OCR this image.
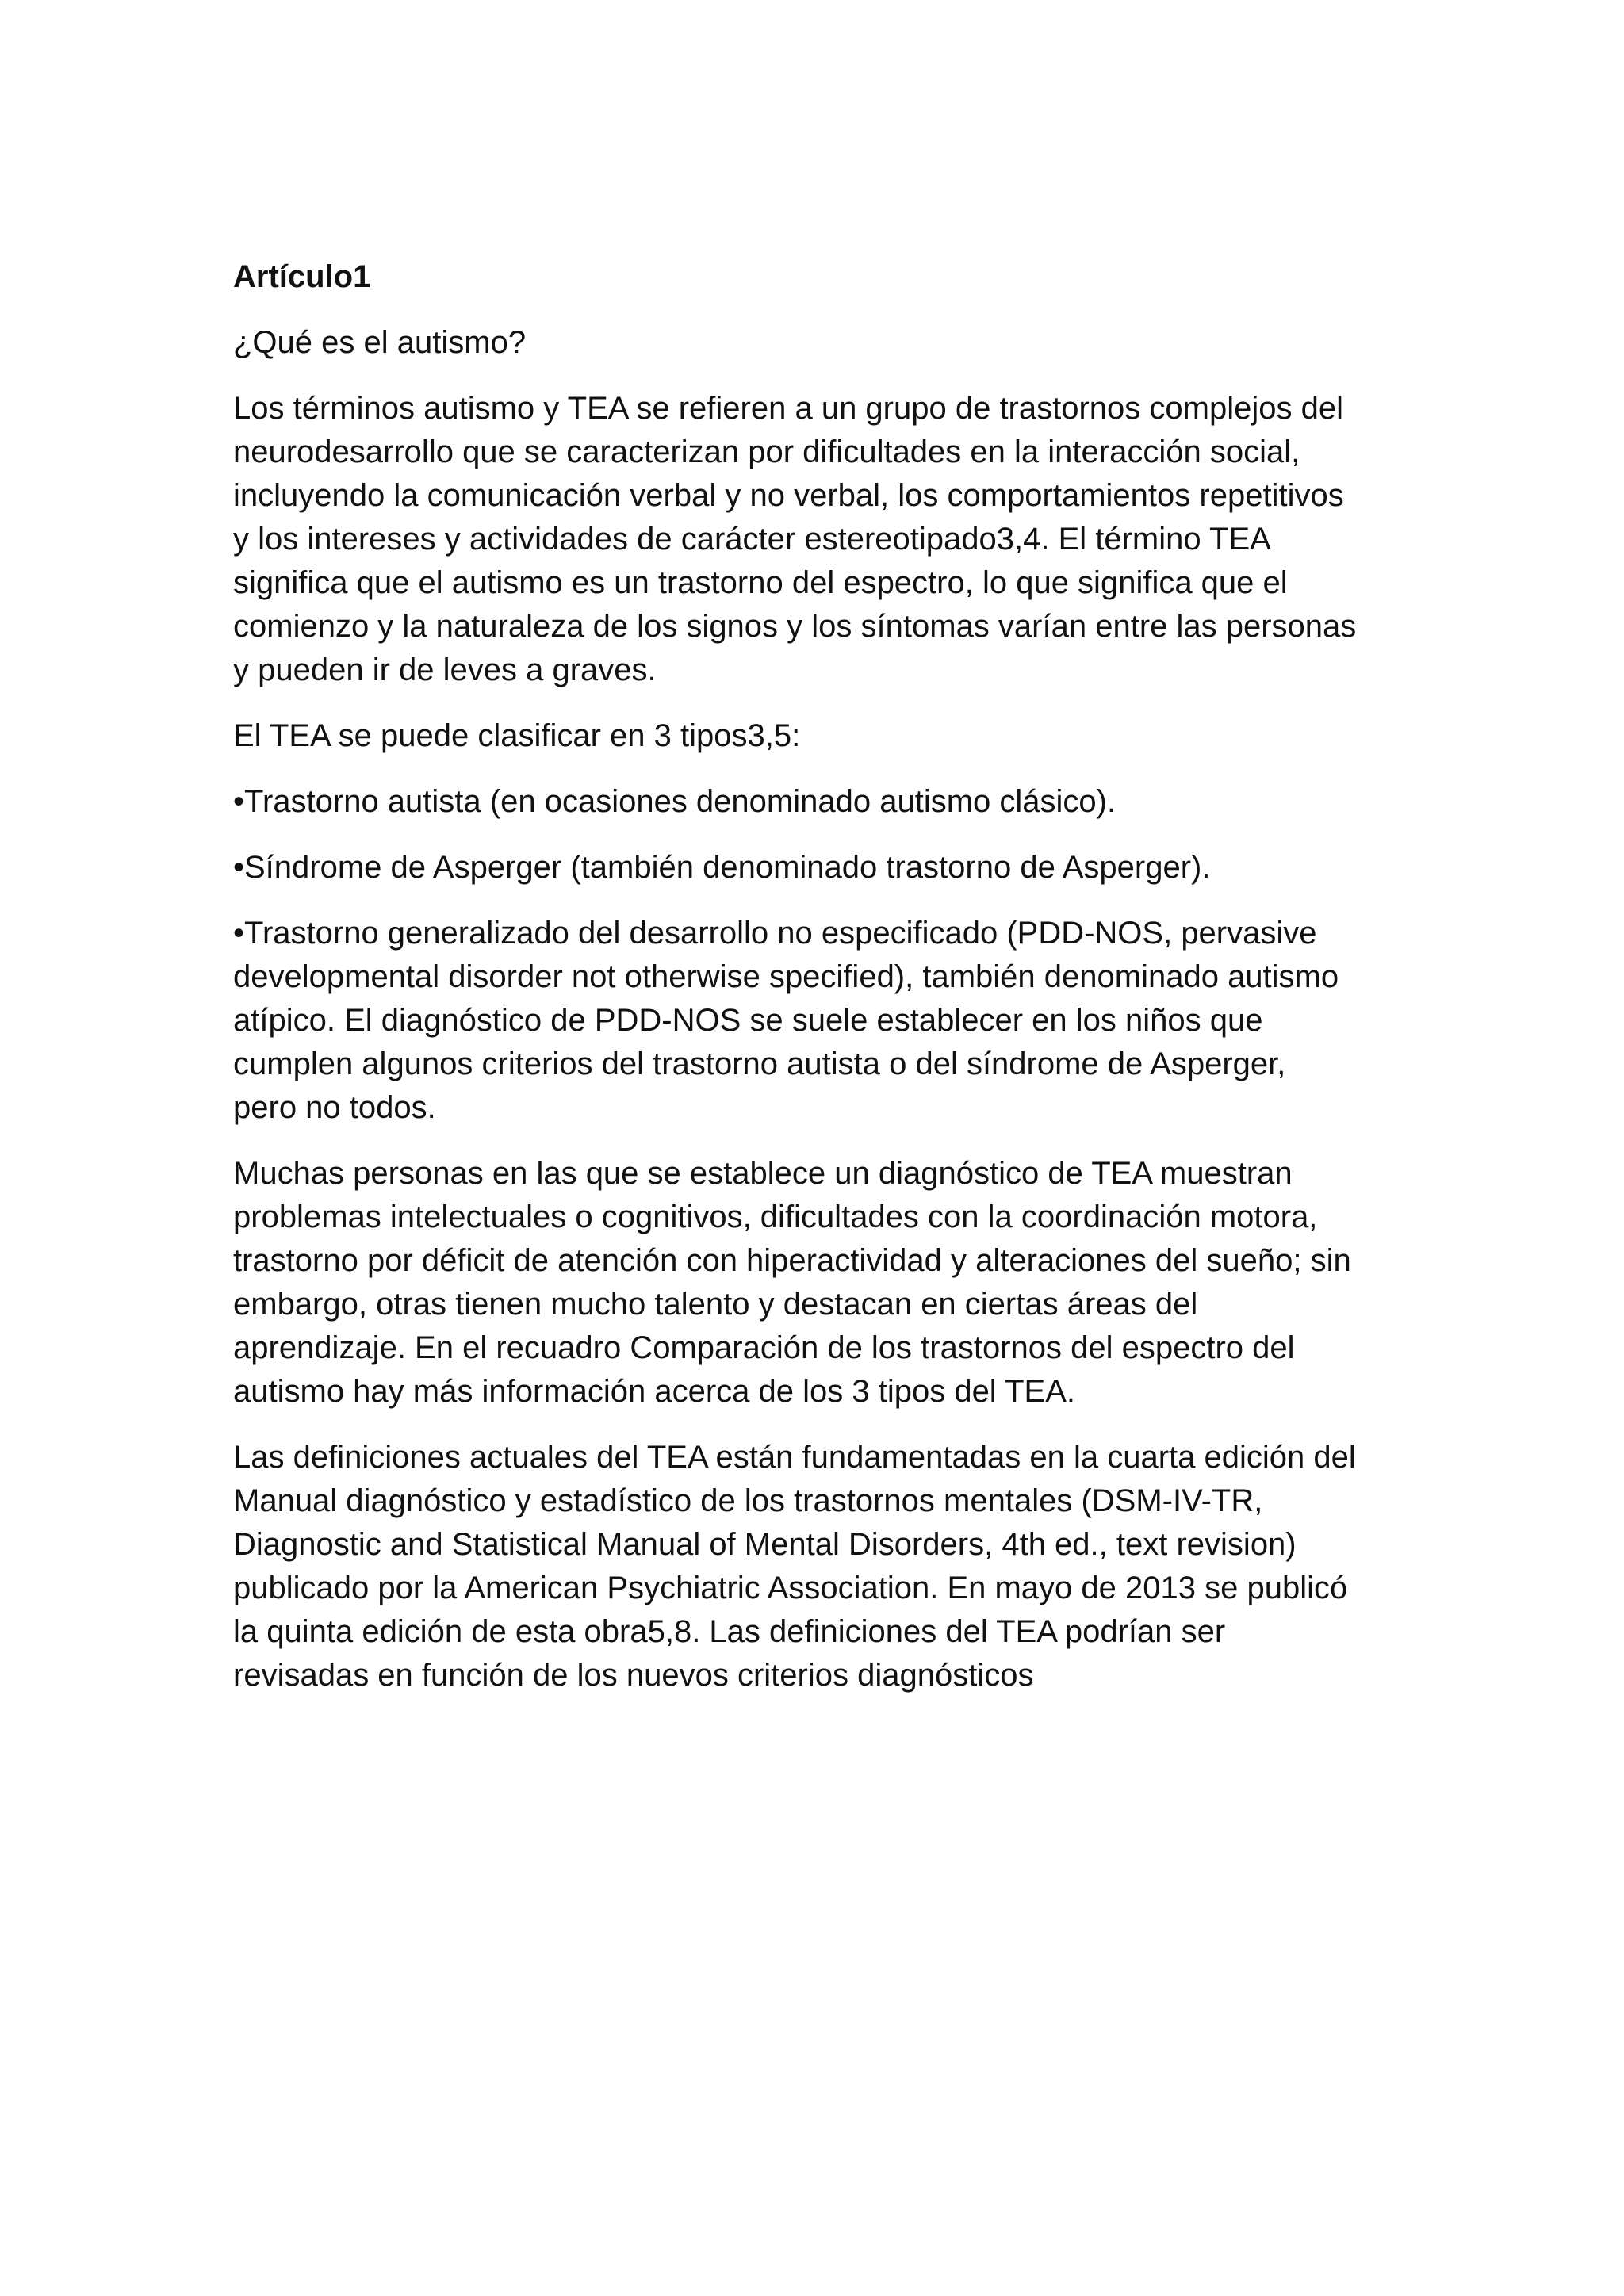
Artículo1
¿Qué es el autismo?
Los términos autismo y TEA se refieren a un grupo de trastornos complejos del
neurodesarrollo que se caracterizan por dificultades en la interacción social,
incluyendo la comunicación verbal y no verbal, los comportamientos repetitivos
y los intereses y actividades de carácter estereotipado3,4. El término TEA
significa que el autismo es un trastorno del espectro, lo que significa que el
comienzo y la naturaleza de los signos y los síntomas varían entre las personas
y pueden ir de leves a graves.
El TEA se puede clasificar en 3 tipos3,5:
•Trastorno autista (en ocasiones denominado autismo clásico).
•Síndrome de Asperger (también denominado trastorno de Asperger).
•Trastorno generalizado del desarrollo no especificado (PDD-NOS, pervasive
developmental disorder not otherwise specified), también denominado autismo
atípico. El diagnóstico de PDD-NOS se suele establecer en los niños que
cumplen algunos criterios del trastorno autista o del síndrome de Asperger,
pero no todos.
Muchas personas en las que se establece un diagnóstico de TEA muestran
problemas intelectuales o cognitivos, dificultades con la coordinación motora,
trastorno por déficit de atención con hiperactividad y alteraciones del sueño; sin
embargo, otras tienen mucho talento y destacan en ciertas áreas del
aprendizaje. En el recuadro Comparación de los trastornos del espectro del
autismo hay más información acerca de los 3 tipos del TEA.
Las definiciones actuales del TEA están fundamentadas en la cuarta edición del
Manual diagnóstico y estadístico de los trastornos mentales (DSM-IV-TR,
Diagnostic and Statistical Manual of Mental Disorders, 4th ed., text revision)
publicado por la American Psychiatric Association. En mayo de 2013 se publicó
la quinta edición de esta obra5,8. Las definiciones del TEA podrían ser
revisadas en función de los nuevos criterios diagnósticos
